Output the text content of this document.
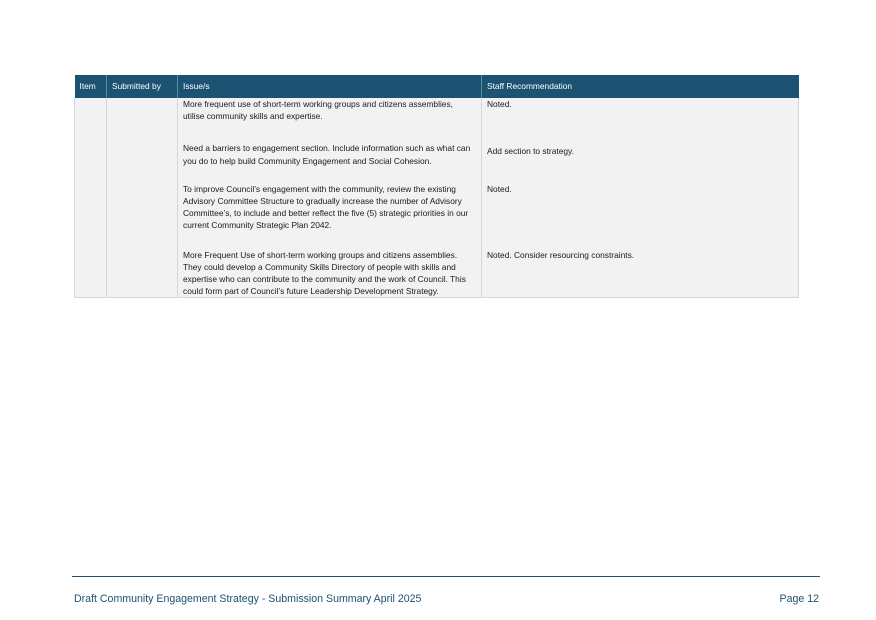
Item	Submitted by	Issue/s	Staff Recommendation

		More frequent use of short-term working groups and citizens assemblies, utilise community skills and expertise.	Noted.

		Need a barriers to engagement section. Include information such as what can you do to help build Community Engagement and Social Cohesion.	Add section to strategy.

		To improve Council’s engagement with the community, review the existing Advisory Committee Structure to gradually increase the number of Advisory Committee’s, to include and better reflect the five (5) strategic priorities in our current Community Strategic Plan 2042.	Noted.

		More Frequent Use of short-term working groups and citizens assemblies. They could develop a Community Skills Directory of people with skills and expertise who can contribute to the community and the work of Council. This could form part of Council’s future Leadership Development Strategy.	Noted. Consider resourcing constraints.

Draft Community Engagement Strategy - Submission Summary April 2025	Page 12
